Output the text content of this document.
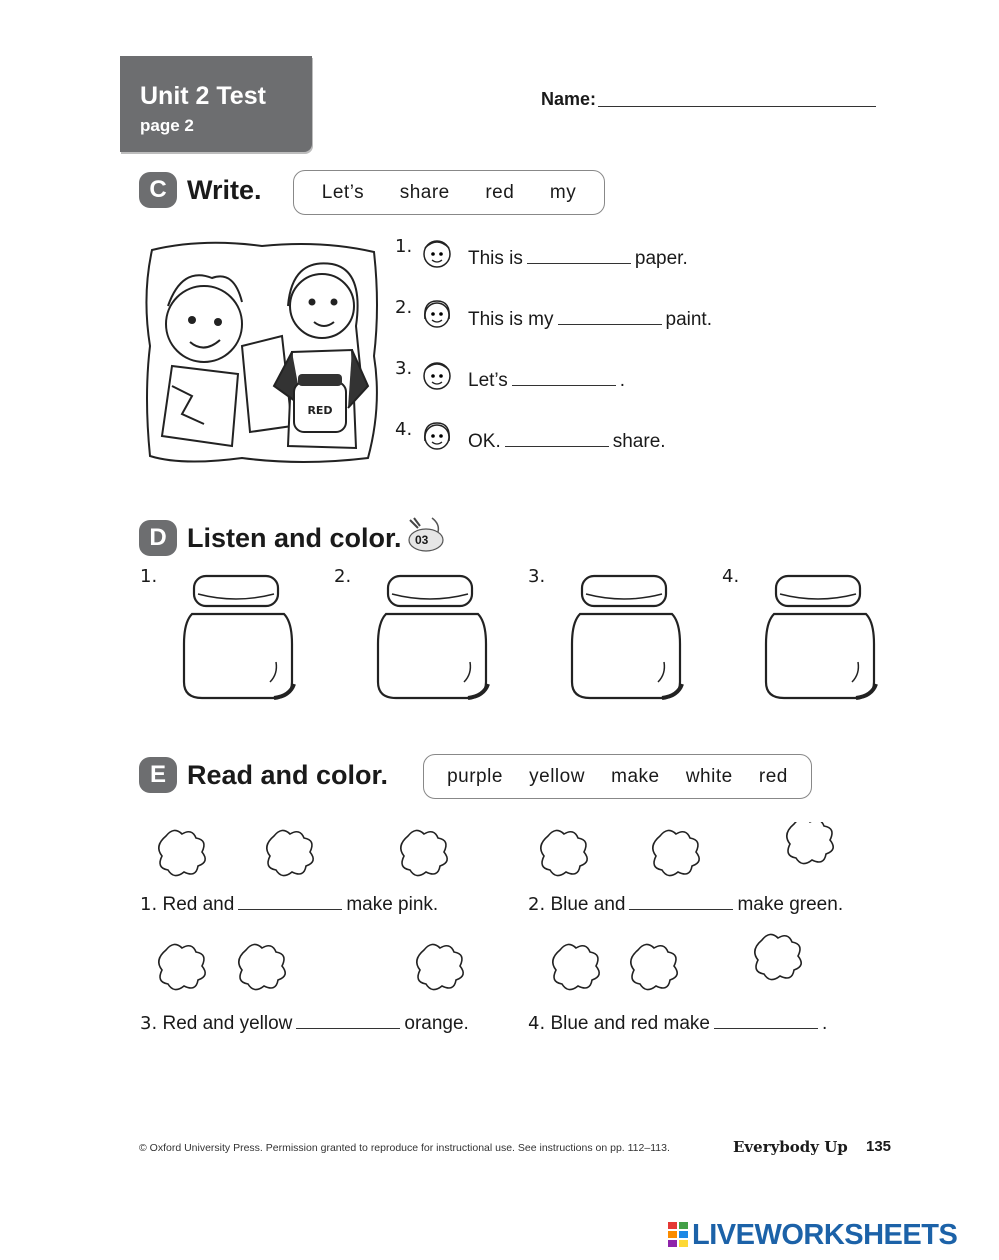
Unit 2 Test
page 2
Name:
C Write.	Let’s share red my
RED
1.
This is	paper.
2.
This is my	paint.
3.
Let’s	.
4.
OK.	share.
D Listen and color. 03
1.	2.	3.	4.
E Read and color.	purple yellow make white red
1. Red and	make pink.	2. Blue and	make green.
3. Red and yellow	orange.	4. Blue and red make	.
© Oxford University Press. Permission granted to reproduce for instructional use. See instructions on pp. 112–113.	Everybody Up 135
LIVEWORKSHEETS
